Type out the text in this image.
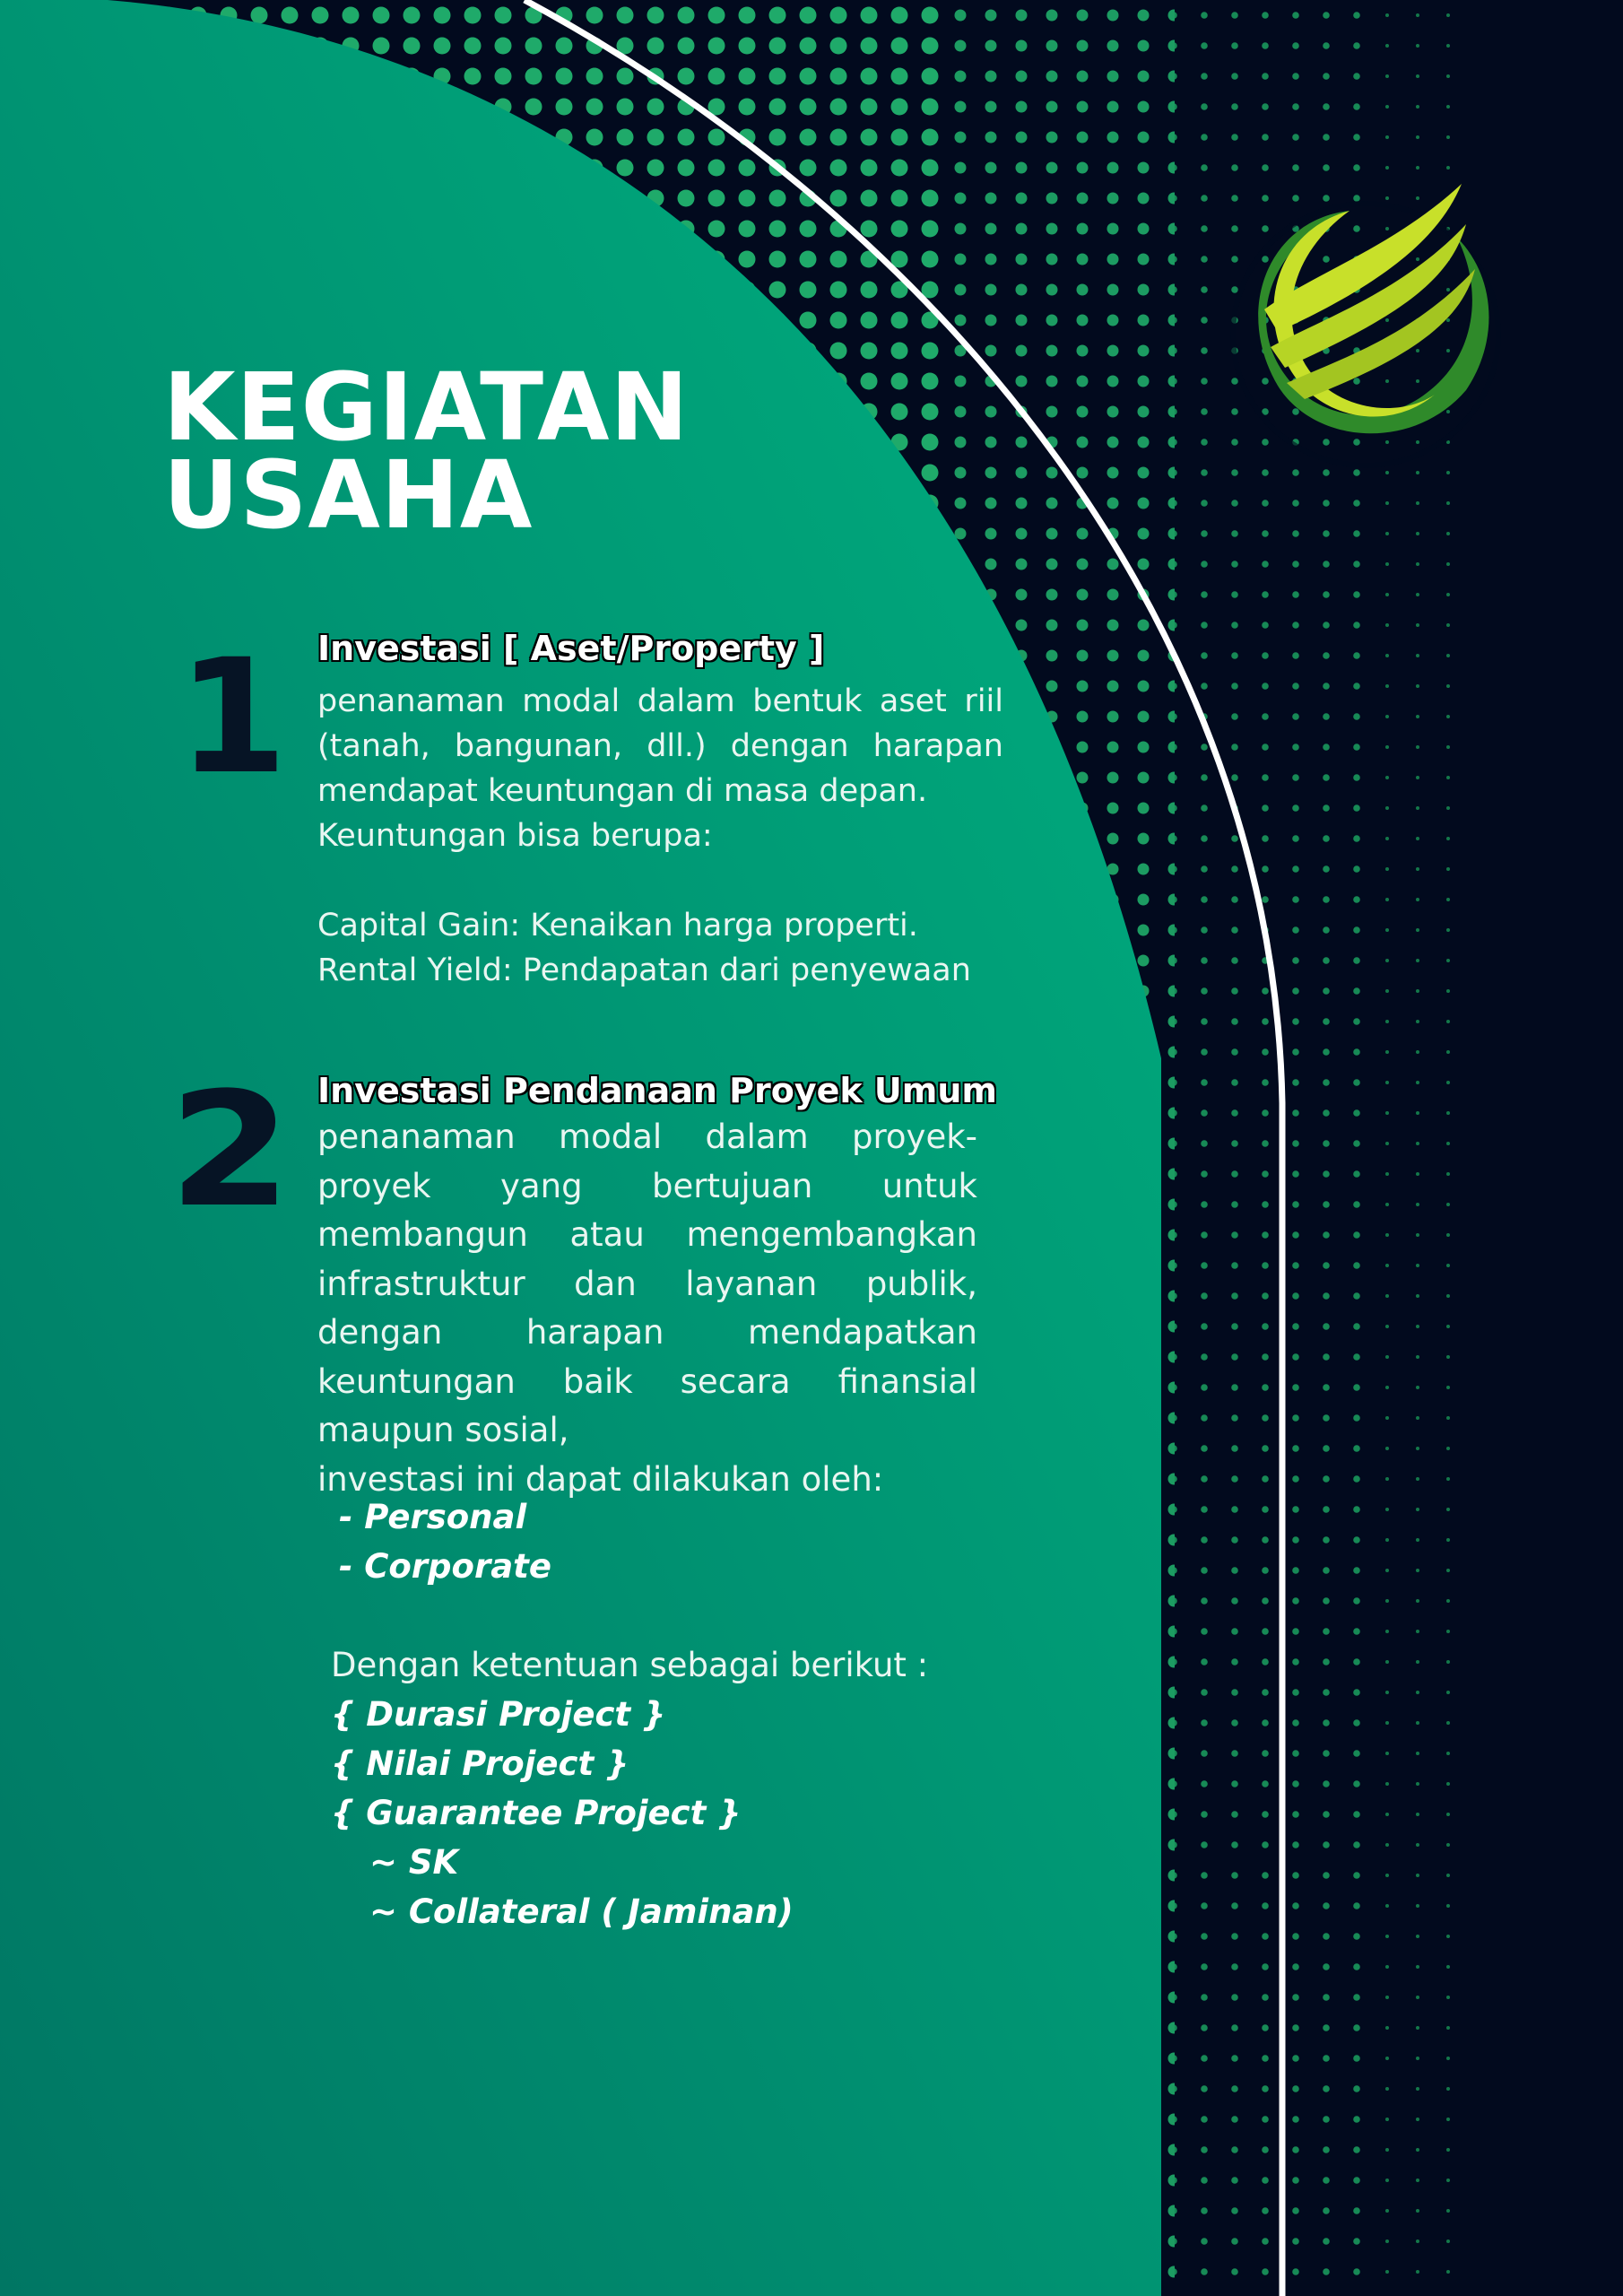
KEGIATAN
USAHA
1 Investasi [ Aset/Property ]
penanaman modal dalam bentuk aset riil (tanah, bangunan, dll.) dengan harapan mendapat keuntungan di masa depan.
Keuntungan bisa berupa:
Capital Gain: Kenaikan harga properti.
Rental Yield: Pendapatan dari penyewaan
2 Investasi Pendanaan Proyek Umum
penanaman modal dalam proyek-proyek yang bertujuan untuk membangun atau mengembangkan infrastruktur dan layanan publik, dengan harapan mendapatkan keuntungan baik secara finansial maupun sosial,
investasi ini dapat dilakukan oleh:
- Personal
- Corporate
Dengan ketentuan sebagai berikut :
{ Durasi Project }
{ Nilai Project }
{ Guarantee Project }
~ SK
~ Collateral ( Jaminan)
